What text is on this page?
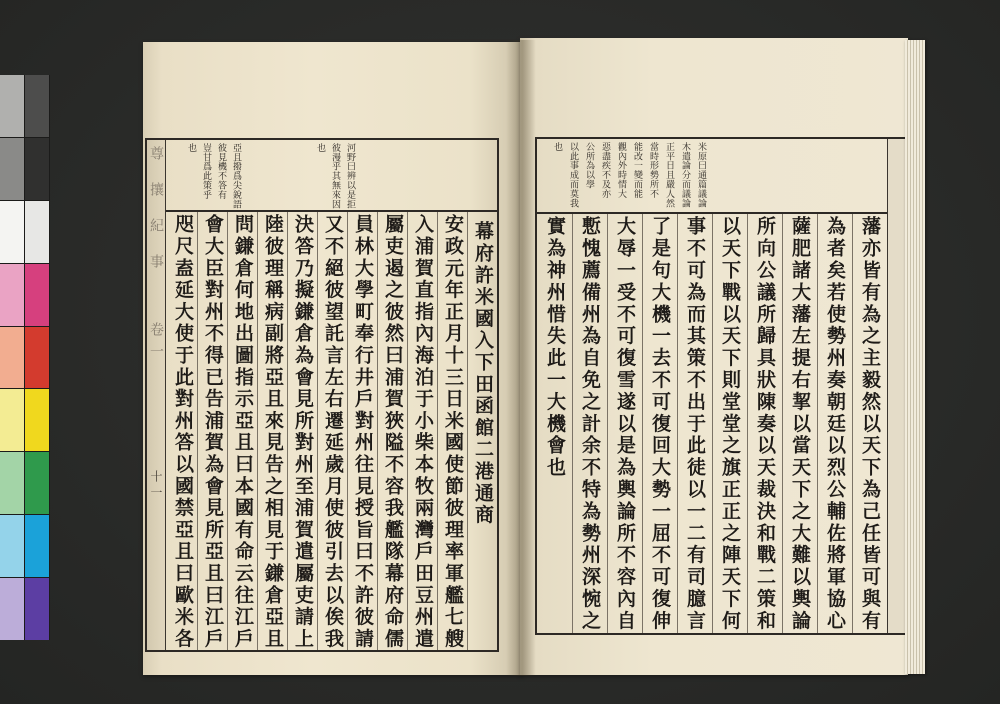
尊攘紀事
卷一
十一
河野曰辨以是拒
彼漫乎其無來因
也
亞且撥爲尖銳語
彼見機不答有
豈甘爲此策乎
也
幕府許米國入下田函館二港通商
安政元年正月十三日米國使節彼理率軍艦七艘
入浦賀直指內海泊于小柴本牧兩灣戶田豆州遣
屬吏遏之彼然曰浦賀狹隘不容我艦隊幕府命儒
員林大學町奉行井戶對州往見授旨曰不許彼請
又不絕彼望託言左右遷延歲月使彼引去以俟我
決答乃擬鎌倉為會見所對州至浦賀遣屬吏請上
陸彼理稱病副將亞且來見告之相見于鎌倉亞且
問鎌倉何地出圖指示亞且曰本國有命云往江戶
會大臣對州不得已告浦賀為會見所亞且曰江戶
咫尺盍延大使于此對州答以國禁亞且曰歐米各
米原曰通篇議論
木遣論分而議論
正平日且嚴人然
當時形勢所不
能改一變而能
觀內外時情大
惡盡疾不及亦
公所為以學
以此事成而莫我
也
藩亦皆有為之主毅然以天下為己任皆可與有
為者矣若使勢州奏朝廷以烈公輔佐將軍協心
薩肥諸大藩左提右挈以當天下之大難以輿論
所向公議所歸具狀陳奏以天裁決和戰二策和
以天下戰以天下則堂堂之旗正正之陣天下何
事不可為而其策不出于此徒以一二有司臆言
了是句大機一去不可復回大勢一屈不可復伸
大辱一受不可復雪遂以是為輿論所不容內自
慙愧薦備州為自免之計余不特為勢州深惋之
實為神州惜失此一大機會也
